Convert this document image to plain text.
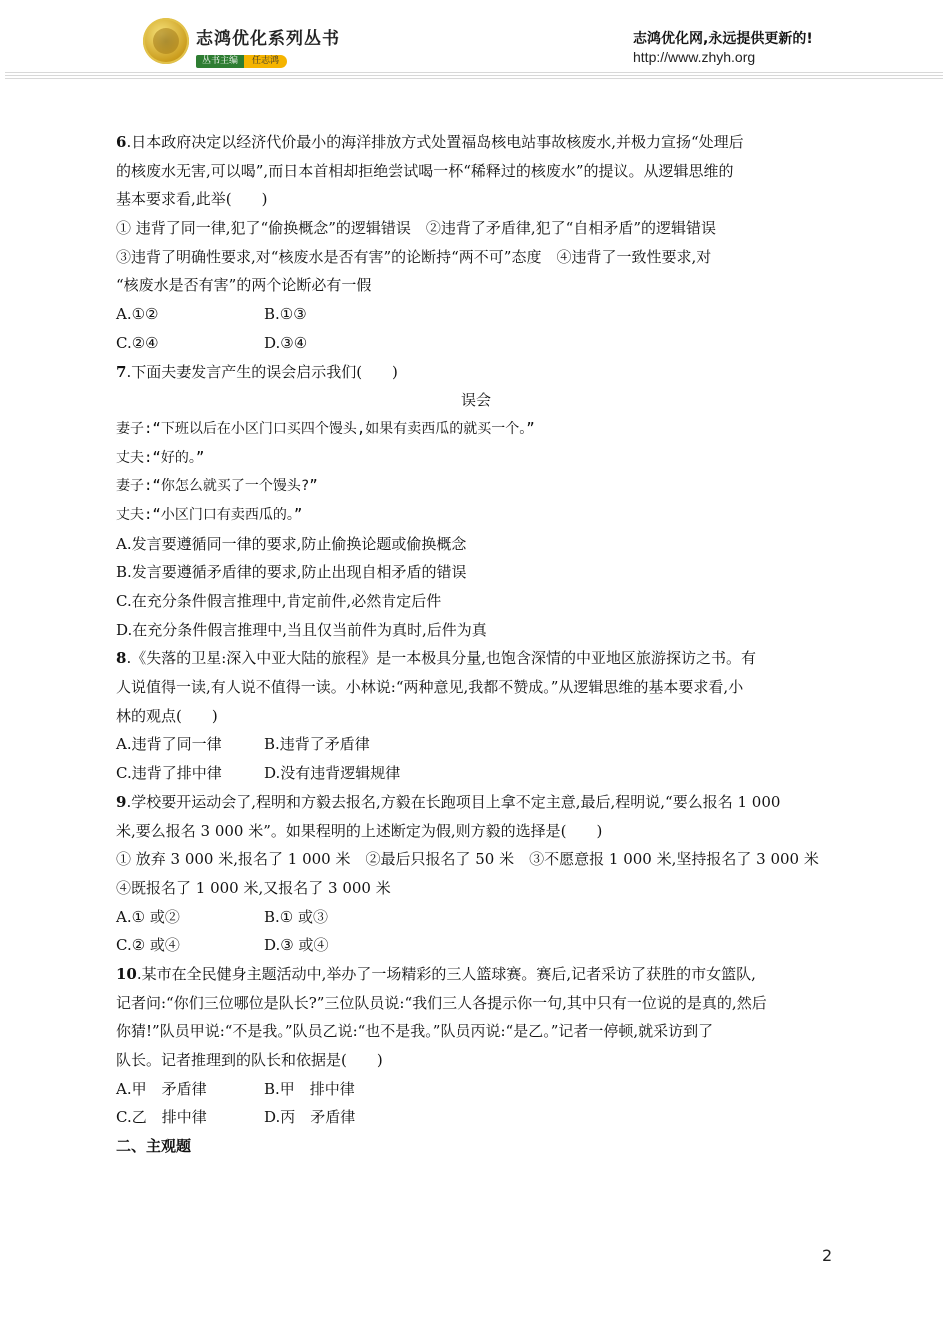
志鸿优化系列丛书
丛书主编 任志鸿
志鸿优化网,永远提供更新的!
http://www.zhyh.org
6.日本政府决定以经济代价最小的海洋排放方式处置福岛核电站事故核废水,并极力宣扬“处理后
的核废水无害,可以喝”,而日本首相却拒绝尝试喝一杯“稀释过的核废水”的提议。从逻辑思维的
基本要求看,此举(　　)
① 违背了同一律,犯了“偷换概念”的逻辑错误　②违背了矛盾律,犯了“自相矛盾”的逻辑错误
③违背了明确性要求,对“核废水是否有害”的论断持“两不可”态度　④违背了一致性要求,对
“核废水是否有害”的两个论断必有一假
A.①②	B.①③
C.②④	D.③④
7.下面夫妻发言产生的误会启示我们(　　)
误会
妻子:“下班以后在小区门口买四个馒头,如果有卖西瓜的就买一个。”
丈夫:“好的。”
妻子:“你怎么就买了一个馒头?”
丈夫:“小区门口有卖西瓜的。”
A.发言要遵循同一律的要求,防止偷换论题或偷换概念
B.发言要遵循矛盾律的要求,防止出现自相矛盾的错误
C.在充分条件假言推理中,肯定前件,必然肯定后件
D.在充分条件假言推理中,当且仅当前件为真时,后件为真
8.《失落的卫星:深入中亚大陆的旅程》是一本极具分量,也饱含深情的中亚地区旅游探访之书。有
人说值得一读,有人说不值得一读。小林说:“两种意见,我都不赞成。”从逻辑思维的基本要求看,小
林的观点(　　)
A.违背了同一律	B.违背了矛盾律
C.违背了排中律	D.没有违背逻辑规律
9.学校要开运动会了,程明和方毅去报名,方毅在长跑项目上拿不定主意,最后,程明说,“要么报名 1 000
米,要么报名 3 000 米”。如果程明的上述断定为假,则方毅的选择是(　　)
① 放弃 3 000 米,报名了 1 000 米　②最后只报名了 50 米　③不愿意报 1 000 米,坚持报名了 3 000 米
④既报名了 1 000 米,又报名了 3 000 米
A.① 或②	B.① 或③
C.② 或④	D.③ 或④
10.某市在全民健身主题活动中,举办了一场精彩的三人篮球赛。赛后,记者采访了获胜的市女篮队,
记者问:“你们三位哪位是队长?”三位队员说:“我们三人各提示你一句,其中只有一位说的是真的,然后
你猜!”队员甲说:“不是我。”队员乙说:“也不是我。”队员丙说:“是乙。”记者一停顿,就采访到了
队长。记者推理到的队长和依据是(　　)
A.甲　矛盾律	B.甲　排中律
C.乙　排中律	D.丙　矛盾律
二、主观题
2
